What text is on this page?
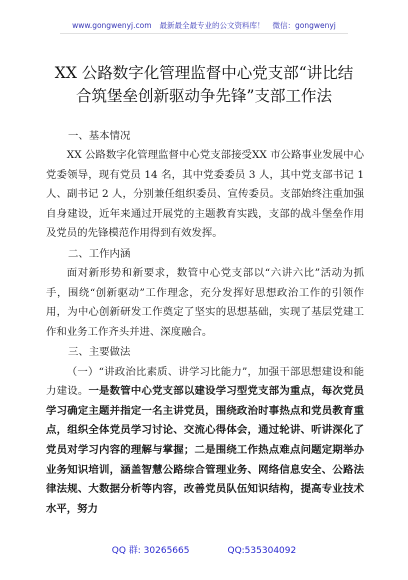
www.gongwenyj.com 最新最全最专业的公文资料库！ 微信：gongwenyj
XX 公路数字化管理监督中心党支部“讲比结
合筑堡垒创新驱动争先锋”支部工作法
一、基本情况
XX 公路数字化管理监督中心党支部接受XX 市公路事业发展中心党委领导，现有党员 14 名，其中党委委员 3 人，其中党支部书记 1 人、副书记 2 人，分别兼任组织委员、宣传委员。支部始终注重加强自身建设，近年来通过开展党的主题教育实践，支部的战斗堡垒作用及党员的先锋模范作用得到有效发挥。
二、工作内涵
面对新形势和新要求，数管中心党支部以“六讲六比”活动为抓手，围绕“创新驱动”工作理念，充分发挥好思想政治工作的引领作用，为中心创新研发工作奠定了坚实的思想基础，实现了基层党建工作和业务工作齐头并进、深度融合。
三、主要做法
（一）“讲政治比素质、讲学习比能力”，加强干部思想建设和能力建设。一是数管中心党支部以建设学习型党支部为重点，每次党员学习确定主题并指定一名主讲党员，围绕政治时事热点和党员教育重点，组织全体党员学习讨论、交流心得体会，通过轮讲、听讲深化了党员对学习内容的理解与掌握；二是围绕工作热点难点问题定期举办业务知识培训，涵盖智慧公路综合管理业务、网络信息安全、公路法律法规、大数据分析等内容，改善党员队伍知识结构，提高专业技术水平，努力
QQ 群: 30265665	QQ:535304092
